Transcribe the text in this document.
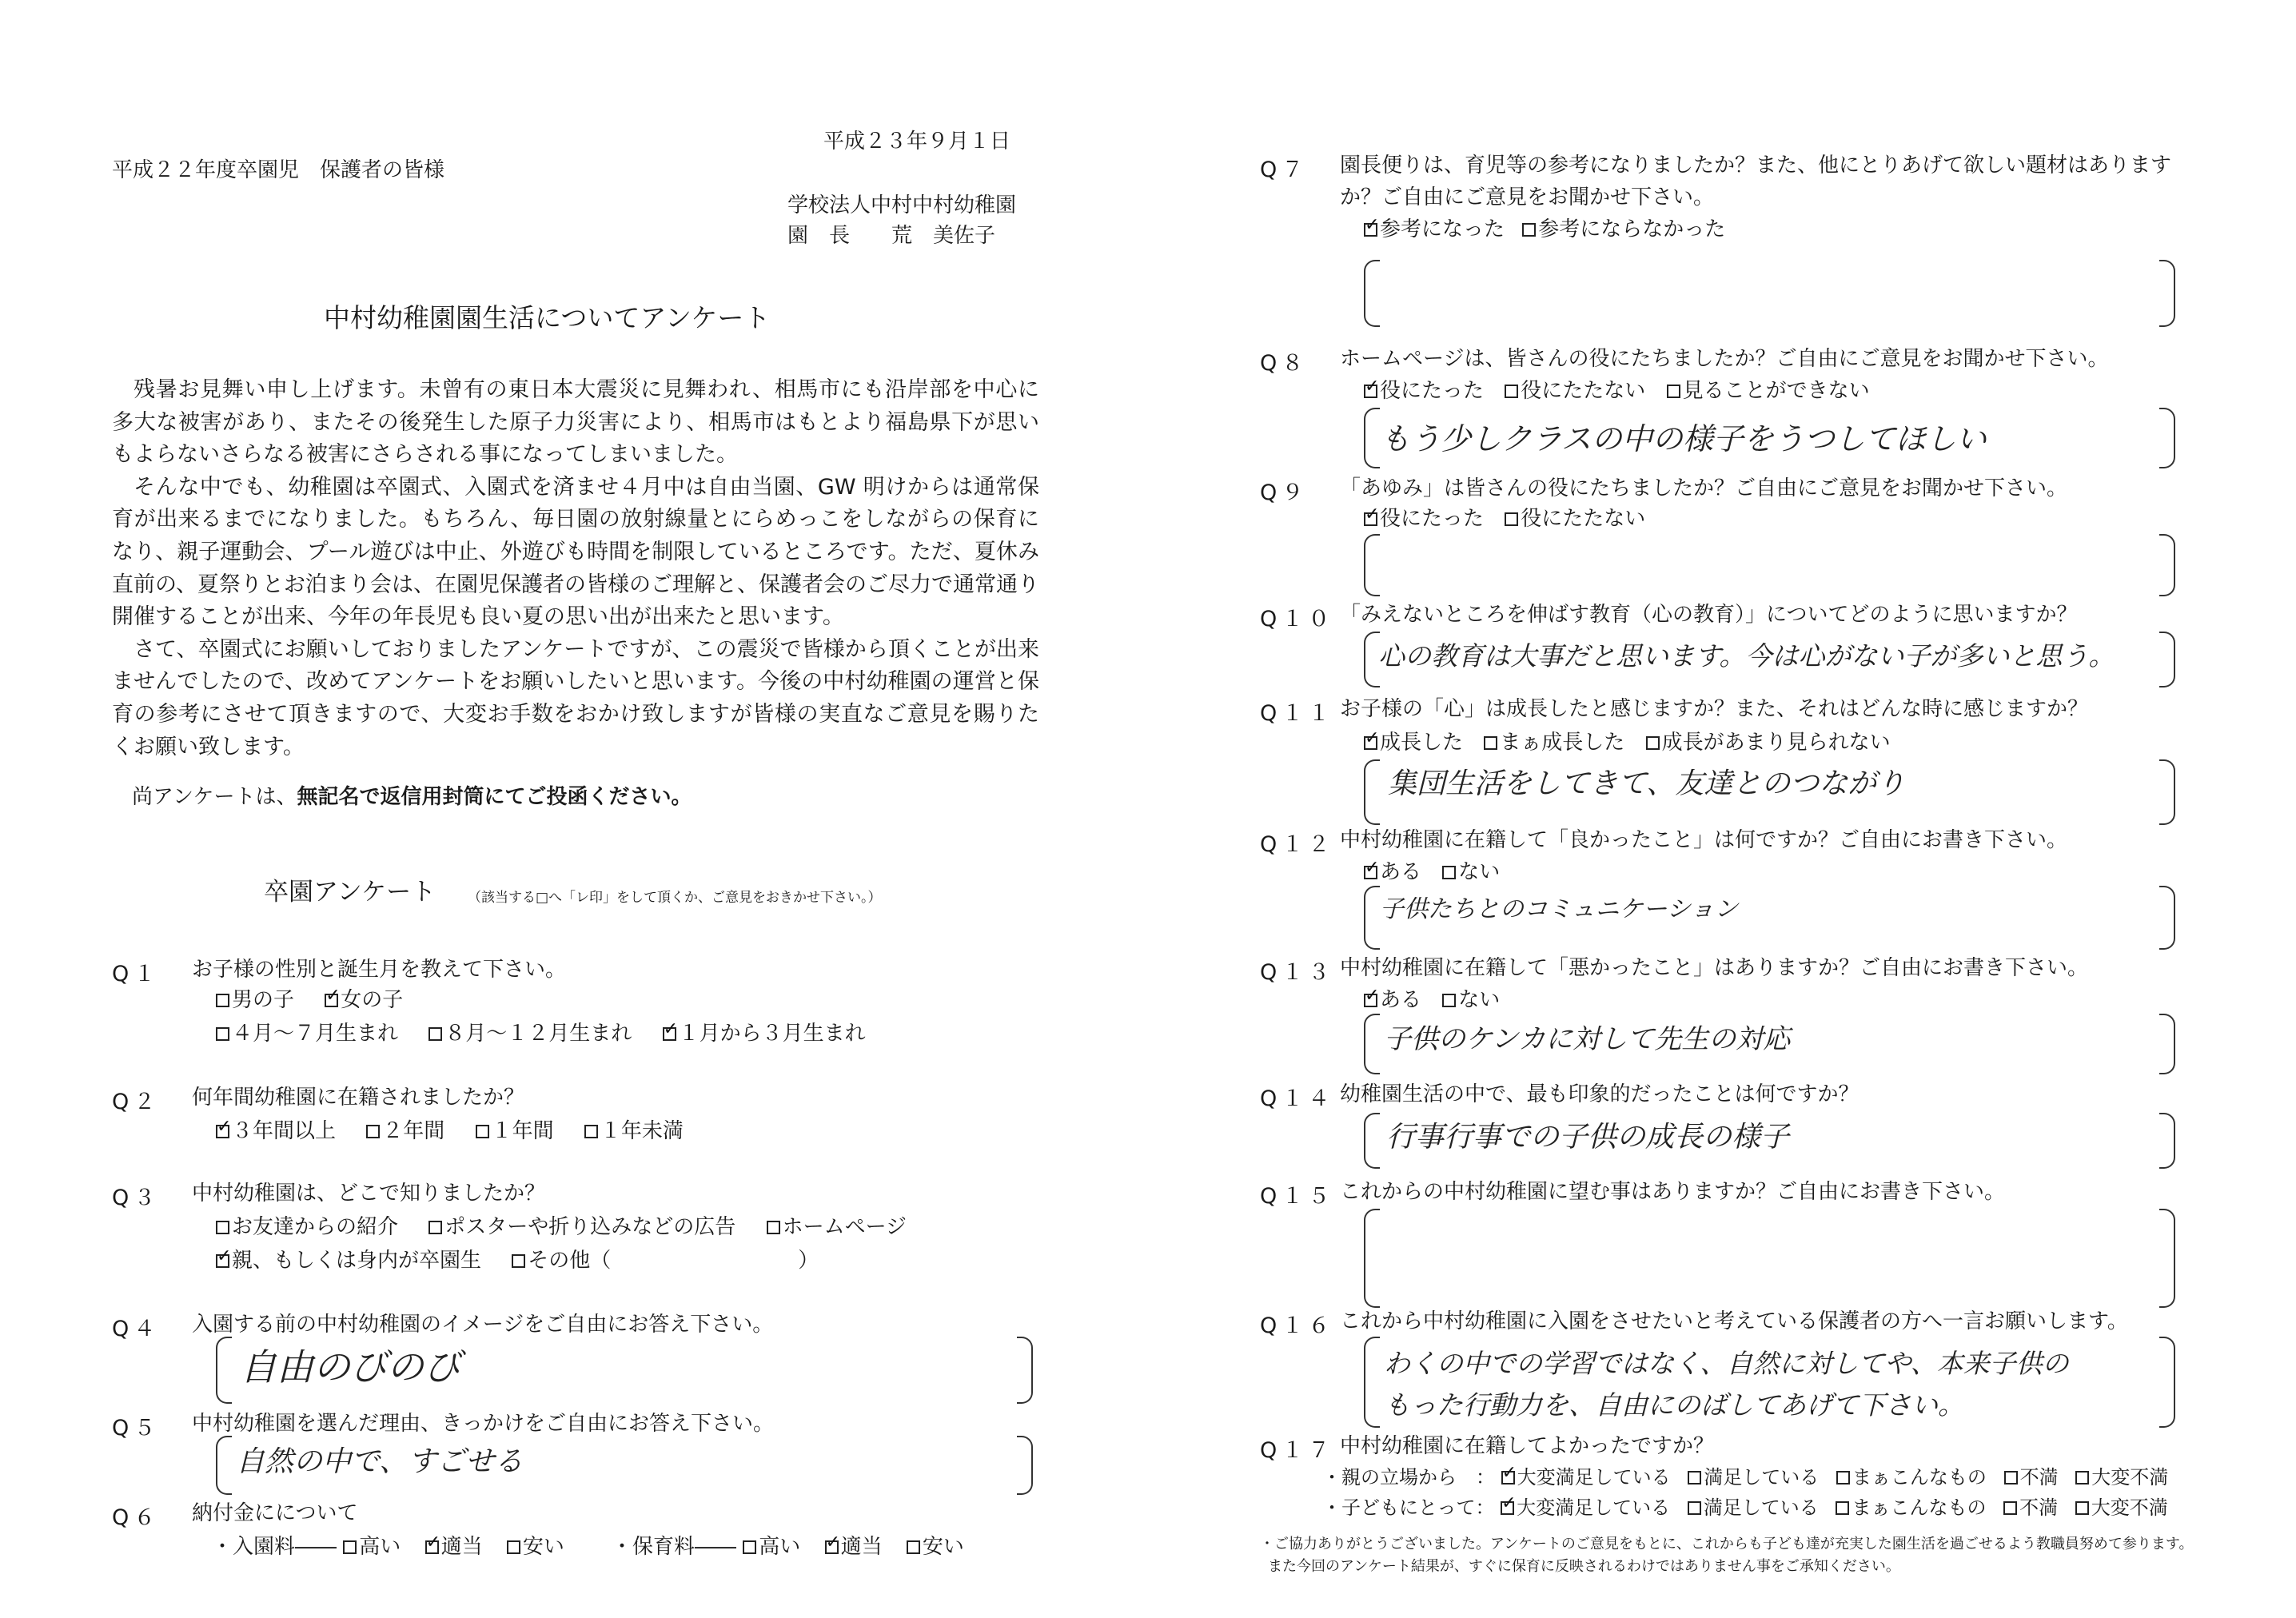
平成２３年９月１日
平成２２年度卒園児　保護者の皆様
学校法人中村中村幼稚園
園　長　　荒　美佐子
中村幼稚園園生活についてアンケート

残暑お見舞い申し上げます。未曾有の東日本大震災に見舞われ、相馬市にも沿岸部を中心に多大な被害があり、またその後発生した原子力災害により、相馬市はもとより福島県下が思いもよらないさらなる被害にさらされる事になってしまいました。

そんな中でも、幼稚園は卒園式、入園式を済ませ４月中は自由当園、GW 明けからは通常保育が出来るまでになりました。もちろん、毎日園の放射線量とにらめっこをしながらの保育になり、親子運動会、プール遊びは中止、外遊びも時間を制限しているところです。ただ、夏休み直前の、夏祭りとお泊まり会は、在園児保護者の皆様のご理解と、保護者会のご尽力で通常通り開催することが出来、今年の年長児も良い夏の思い出が出来たと思います。

さて、卒園式にお願いしておりましたアンケートですが、この震災で皆様から頂くことが出来ませんでしたので、改めてアンケートをお願いしたいと思います。今後の中村幼稚園の運営と保育の参考にさせて頂きますので、大変お手数をおかけ致しますが皆様の実直なご意見を賜りたくお願い致します。

尚アンケートは、無記名で返信用封筒にてご投函ください。
卒園アンケート （該当する□へ「レ印」をして頂くか、ご意見をおきかせ下さい。）
Q１ お子様の性別と誕生月を教えて下さい。
男の子 ✓ 女の子
４月〜７月生まれ ８月〜１２月生まれ ✓ １月から３月生まれ
Q２ 何年間幼稚園に在籍されましたか？
✓３年間以上 ２年間 １年間 １年未満
Q３ 中村幼稚園は、どこで知りましたか？
お友達からの紹介 ポスターや折り込みなどの広告 ホームページ
✓親、もしくは身内が卒園生 その他（　　　　　　　　　）
Q４ 入園する前の中村幼稚園のイメージをご自由にお答え下さい。
自由のびのび
Q５ 中村幼稚園を選んだ理由、きっかけをご自由にお答え下さい。
自然の中で、すごせる
Q６ 納付金にについて
・入園料―― 高い ✓ 適当 安い	・保育料―― 高い ✓ 適当 安い
Q７ 園長便りは、育児等の参考になりましたか？また、他にとりあげて欲しい題材はあります
か？ご自由にご意見をお聞かせ下さい。
✓参考になった 参考にならなかった
Q８ ホームページは、皆さんの役にたちましたか？ご自由にご意見をお聞かせ下さい。
✓役にたった 役にたたない 見ることができない
もう少しクラスの中の様子をうつしてほしい
Q９ 「あゆみ」は皆さんの役にたちましたか？ご自由にご意見をお聞かせ下さい。
✓役にたった 役にたたない
Q１０ 「みえないところを伸ばす教育（心の教育）」についてどのように思いますか？
心の教育は大事だと思います。今は心がない子が多いと思う。
Q１１ お子様の「心」は成長したと感じますか？また、それはどんな時に感じますか？
✓成長した まぁ成長した 成長があまり見られない
集団生活をしてきて、友達とのつながり
Q１２ 中村幼稚園に在籍して「良かったこと」は何ですか？ご自由にお書き下さい。
✓ある ない
子供たちとのコミュニケーション
Q１３ 中村幼稚園に在籍して「悪かったこと」はありますか？ご自由にお書き下さい。
✓ある ない
子供のケンカに対して先生の対応
Q１４ 幼稚園生活の中で、最も印象的だったことは何ですか？
行事行事での子供の成長の様子
Q１５ これからの中村幼稚園に望む事はありますか？ご自由にお書き下さい。
Q１６ これから中村幼稚園に入園をさせたいと考えている保護者の方へ一言お願いします。
わくの中での学習ではなく、自然に対してや、本来子供の
もった行動力を、自由にのばしてあげて下さい。
Q１７ 中村幼稚園に在籍してよかったですか？
・親の立場から　： ✓ 大変満足している 満足している まぁこんなもの 不満 大変不満
・子どもにとって： ✓ 大変満足している 満足している まぁこんなもの 不満 大変不満
・ご協力ありがとうございました。アンケートのご意見をもとに、これからも子ども達が充実した園生活を過ごせるよう教職員努めて参ります。
また今回のアンケート結果が、すぐに保育に反映されるわけではありません事をご承知ください。
